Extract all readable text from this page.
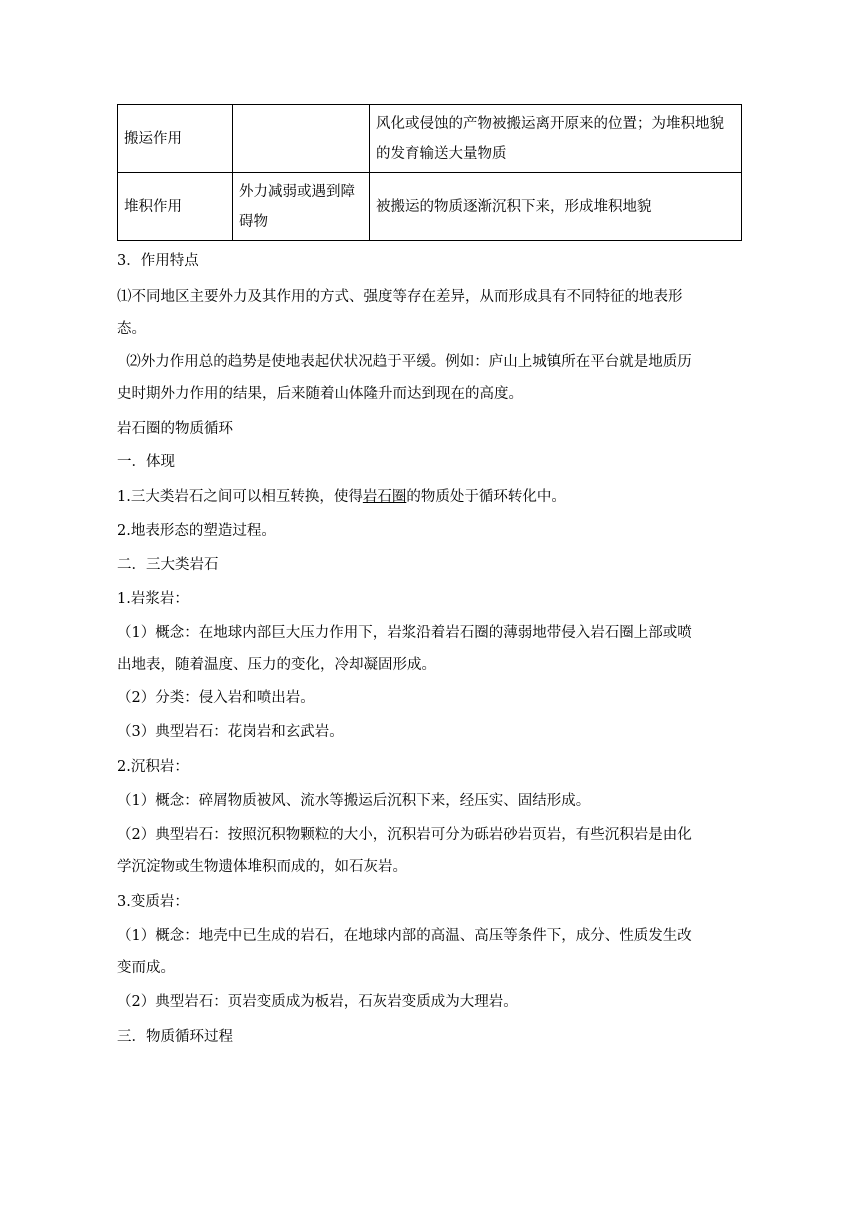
搬运作用		风化或侵蚀的产物被搬运离开原来的位置；为堆积地貌的发育输送大量物质
堆积作用	外力减弱或遇到障碍物	被搬运的物质逐渐沉积下来，形成堆积地貌
3．作用特点
⑴不同地区主要外力及其作用的方式、强度等存在差异，从而形成具有不同特征的地表形
态。
⑵外力作用总的趋势是使地表起伏状况趋于平缓。例如：庐山上城镇所在平台就是地质历
史时期外力作用的结果，后来随着山体隆升而达到现在的高度。
岩石圈的物质循环
一．体现
1.三大类岩石之间可以相互转换，使得岩石圈的物质处于循环转化中。
2.地表形态的塑造过程。
二．三大类岩石
1.岩浆岩：
（1）概念：在地球内部巨大压力作用下，岩浆沿着岩石圈的薄弱地带侵入岩石圈上部或喷
出地表，随着温度、压力的变化，冷却凝固形成。
（2）分类：侵入岩和喷出岩。
（3）典型岩石：花岗岩和玄武岩。
2.沉积岩：
（1）概念：碎屑物质被风、流水等搬运后沉积下来，经压实、固结形成。
（2）典型岩石：按照沉积物颗粒的大小，沉积岩可分为砾岩砂岩页岩，有些沉积岩是由化
学沉淀物或生物遗体堆积而成的，如石灰岩。
3.变质岩：
（1）概念：地壳中已生成的岩石，在地球内部的高温、高压等条件下，成分、性质发生改
变而成。
（2）典型岩石：页岩变质成为板岩，石灰岩变质成为大理岩。
三．物质循环过程
